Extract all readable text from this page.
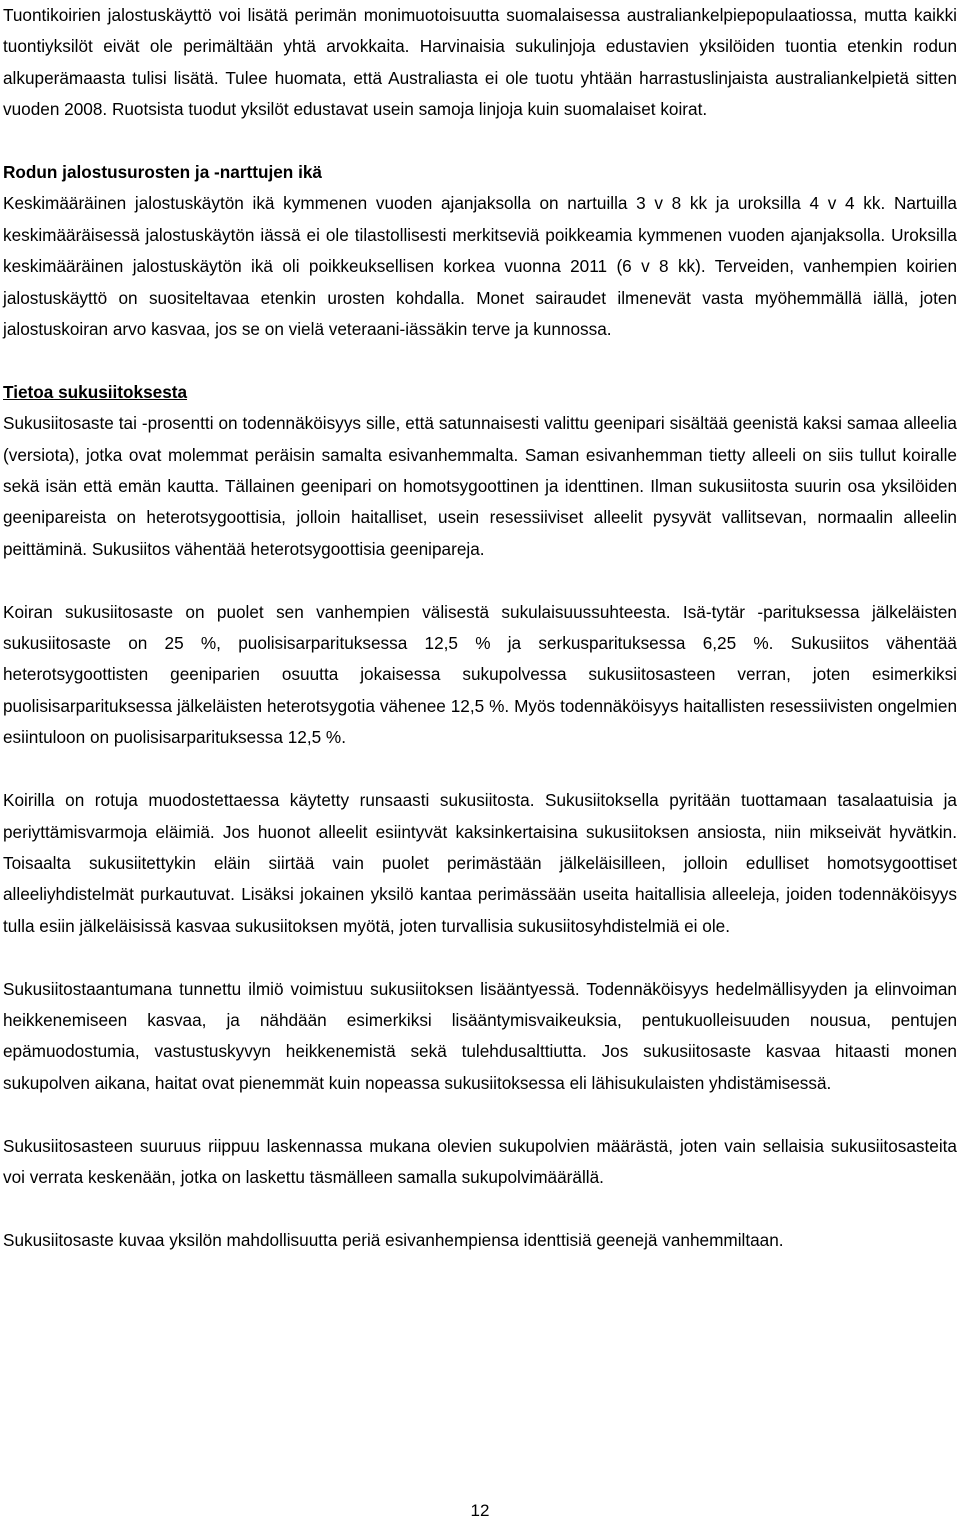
Tuontikoirien jalostuskäyttö voi lisätä perimän monimuotoisuutta suomalaisessa australiankelpiepopulaatiossa, mutta kaikki tuontiyksilöt eivät ole perimältään yhtä arvokkaita. Harvinaisia sukulinjoja edustavien yksilöiden tuontia etenkin rodun alkuperämaasta tulisi lisätä. Tulee huomata, että Australiasta ei ole tuotu yhtään harrastuslinjaista australiankelpietä sitten vuoden 2008. Ruotsista tuodut yksilöt edustavat usein samoja linjoja kuin suomalaiset koirat.

Rodun jalostusurosten ja -narttujen ikä

Keskimääräinen jalostuskäytön ikä kymmenen vuoden ajanjaksolla on nartuilla 3 v 8 kk ja uroksilla 4 v 4 kk. Nartuilla keskimääräisessä jalostuskäytön iässä ei ole tilastollisesti merkitseviä poikkeamia kymmenen vuoden ajanjaksolla. Uroksilla keskimääräinen jalostuskäytön ikä oli poikkeuksellisen korkea vuonna 2011 (6 v 8 kk). Terveiden, vanhempien koirien jalostuskäyttö on suositeltavaa etenkin urosten kohdalla. Monet sairaudet ilmenevät vasta myöhemmällä iällä, joten jalostuskoiran arvo kasvaa, jos se on vielä veteraani-iässäkin terve ja kunnossa.

Tietoa sukusiitoksesta

Sukusiitosaste tai -prosentti on todennäköisyys sille, että satunnaisesti valittu geenipari sisältää geenistä kaksi samaa alleelia (versiota), jotka ovat molemmat peräisin samalta esivanhemmalta. Saman esivanhemman tietty alleeli on siis tullut koiralle sekä isän että emän kautta. Tällainen geenipari on homotsygoottinen ja identtinen. Ilman sukusiitosta suurin osa yksilöiden geenipareista on heterotsygoottisia, jolloin haitalliset, usein resessiiviset alleelit pysyvät vallitsevan, normaalin alleelin peittäminä. Sukusiitos vähentää heterotsygoottisia geenipareja.

Koiran sukusiitosaste on puolet sen vanhempien välisestä sukulaisuussuhteesta. Isä-tytär -parituksessa jälkeläisten sukusiitosaste on 25 %, puolisisarparituksessa 12,5 % ja serkusparituksessa 6,25 %. Sukusiitos vähentää heterotsygoottisten geeniparien osuutta jokaisessa sukupolvessa sukusiitosasteen verran, joten esimerkiksi puolisisarparituksessa jälkeläisten heterotsygotia vähenee 12,5 %. Myös todennäköisyys haitallisten resessiivisten ongelmien esiintuloon on puolisisarparituksessa 12,5 %.

Koirilla on rotuja muodostettaessa käytetty runsaasti sukusiitosta. Sukusiitoksella pyritään tuottamaan tasalaatuisia ja periyttämisvarmoja eläimiä. Jos huonot alleelit esiintyvät kaksinkertaisina sukusiitoksen ansiosta, niin mikseivät hyvätkin. Toisaalta sukusiitettykin eläin siirtää vain puolet perimästään jälkeläisilleen, jolloin edulliset homotsygoottiset alleeliyhdistelmät purkautuvat. Lisäksi jokainen yksilö kantaa perimässään useita haitallisia alleeleja, joiden todennäköisyys tulla esiin jälkeläisissä kasvaa sukusiitoksen myötä, joten turvallisia sukusiitosyhdistelmiä ei ole.

Sukusiitostaantumana tunnettu ilmiö voimistuu sukusiitoksen lisääntyessä. Todennäköisyys hedelmällisyyden ja elinvoiman heikkenemiseen kasvaa, ja nähdään esimerkiksi lisääntymisvaikeuksia, pentukuolleisuuden nousua, pentujen epämuodostumia, vastustuskyvyn heikkenemistä sekä tulehdusalttiutta. Jos sukusiitosaste kasvaa hitaasti monen sukupolven aikana, haitat ovat pienemmät kuin nopeassa sukusiitoksessa eli lähisukulaisten yhdistämisessä.

Sukusiitosasteen suuruus riippuu laskennassa mukana olevien sukupolvien määrästä, joten vain sellaisia sukusiitosasteita voi verrata keskenään, jotka on laskettu täsmälleen samalla sukupolvimäärällä.

Sukusiitosaste kuvaa yksilön mahdollisuutta periä esivanhempiensa identtisiä geenejä vanhemmiltaan.

12
